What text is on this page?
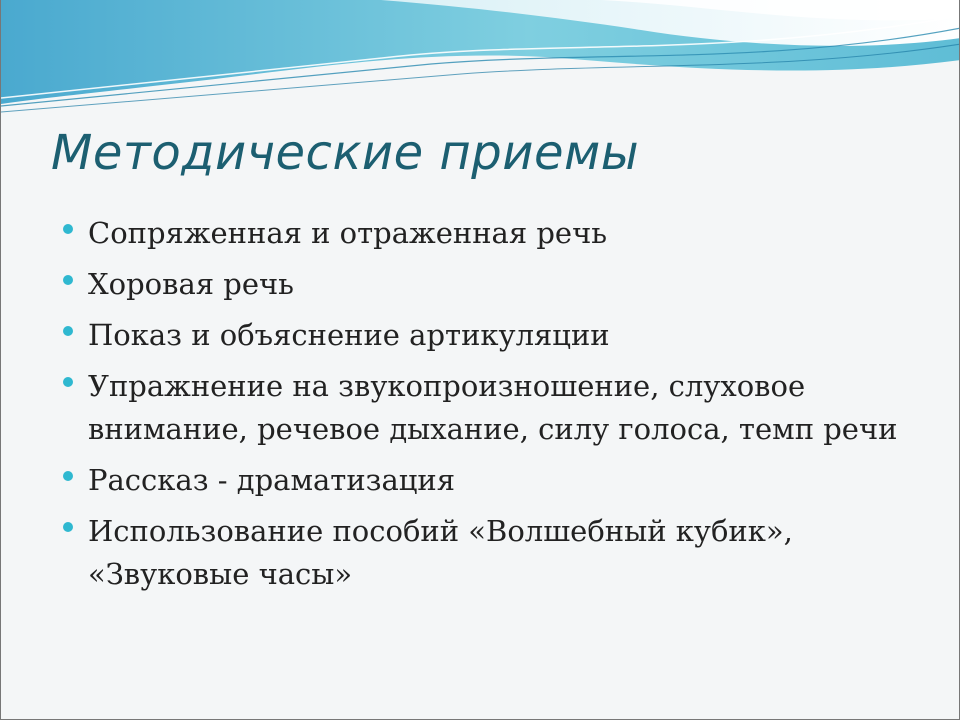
Методические приемы
Сопряженная и отраженная речь
Хоровая речь
Показ и объяснение артикуляции
Упражнение на звукопроизношение, слуховое внимание, речевое дыхание, силу голоса, темп речи
Рассказ - драматизация
Использование пособий «Волшебный кубик», «Звуковые часы»
